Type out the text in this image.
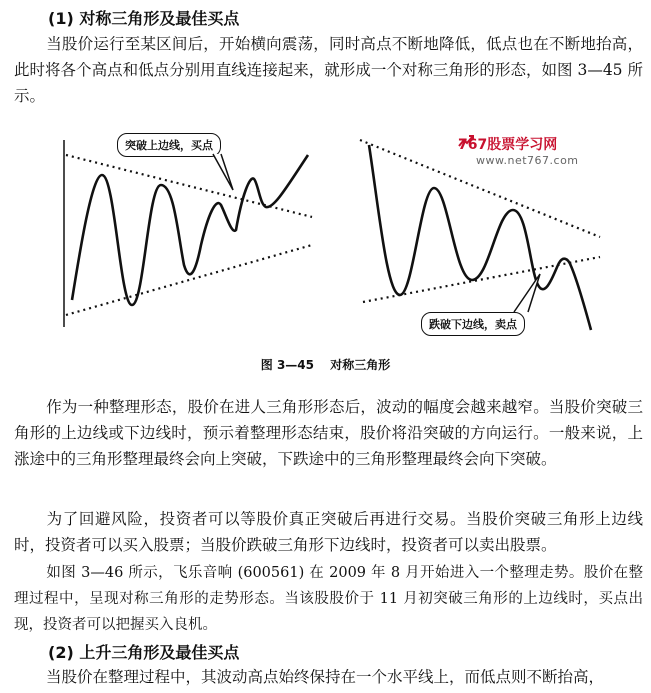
(1) 对称三角形及最佳买点

当股价运行至某区间后，开始横向震荡，同时高点不断地降低，低点也在不断地抬高，此时将各个高点和低点分别用直线连接起来，就形成一个对称三角形的形态，如图 3—45 所示。

突破上边线，买点
跌破下边线，卖点
767股票学习网
www.net767.com
图 3—45 对称三角形

作为一种整理形态，股价在进人三角形形态后，波动的幅度会越来越窄。当股价突破三角形的上边线或下边线时，预示着整理形态结束，股价将沿突破的方向运行。一般来说，上涨途中的三角形整理最终会向上突破，下跌途中的三角形整理最终会向下突破。

为了回避风险，投资者可以等股价真正突破后再进行交易。当股价突破三角形上边线时，投资者可以买入股票；当股价跌破三角形下边线时，投资者可以卖出股票。

如图 3—46 所示，飞乐音响 (600561) 在 2009 年 8 月开始进入一个整理走势。股价在整理过程中，呈现对称三角形的走势形态。当该股股价于 11 月初突破三角形的上边线时，买点出现，投资者可以把握买入良机。

(2) 上升三角形及最佳买点

当股价在整理过程中，其波动高点始终保持在一个水平线上，而低点则不断抬高，
